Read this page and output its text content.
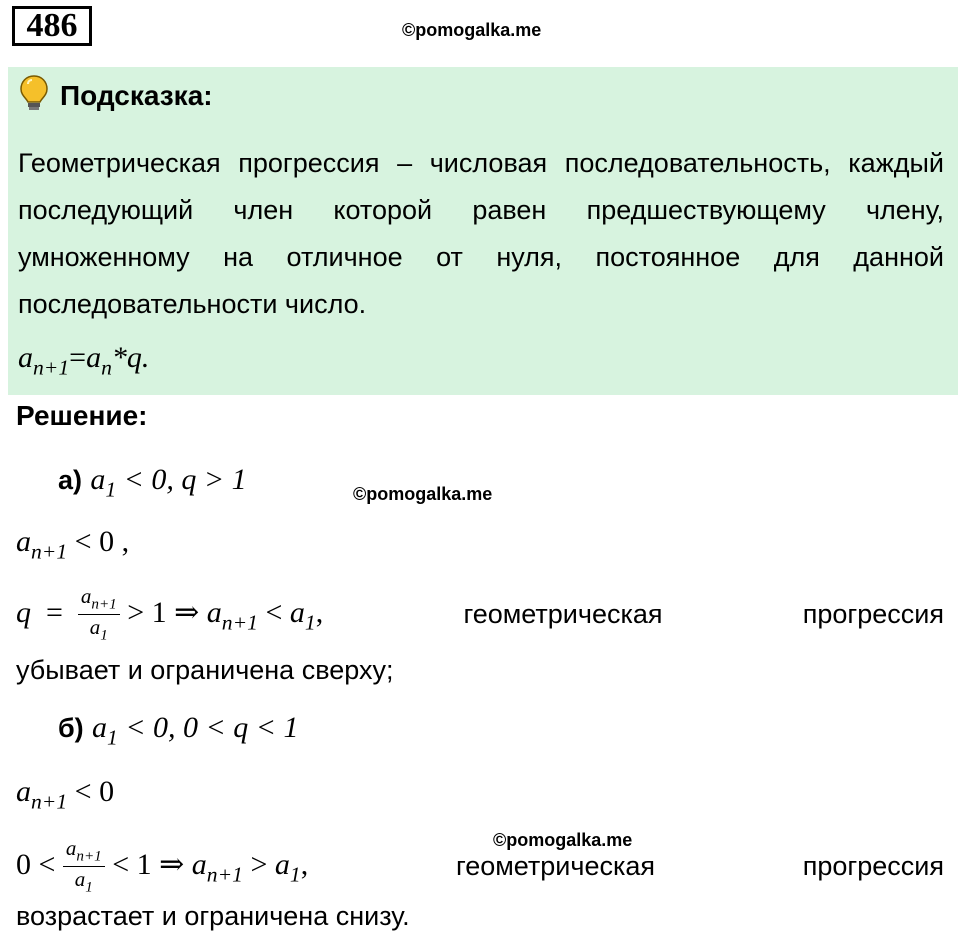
486	©pomogalka.me
Подсказка:
Геометрическая прогрессия – числовая последовательность, каждый последующий член которой равен предшествующему члену, умноженному на отличное от нуля, постоянное для данной последовательности число.
$a_{n+1}=a_n*q$.
Решение:
а) $a_1 < 0$, q > 1	©pomogalka.me
$a_{n+1} < 0$ ,
$q = \frac{a_{n+1}}{a_1} > 1$ ⇒ $a_{n+1} < a_1$,	геометрическая	прогрессия
убывает и ограничена сверху;
б) $a_1 < 0$, 0 < q < 1
$a_{n+1} < 0$
©pomogalka.me
$0 < \frac{a_{n+1}}{a_1} < 1$ ⇒ $a_{n+1} > a_1$,	геометрическая	прогрессия
возрастает и ограничена снизу.
